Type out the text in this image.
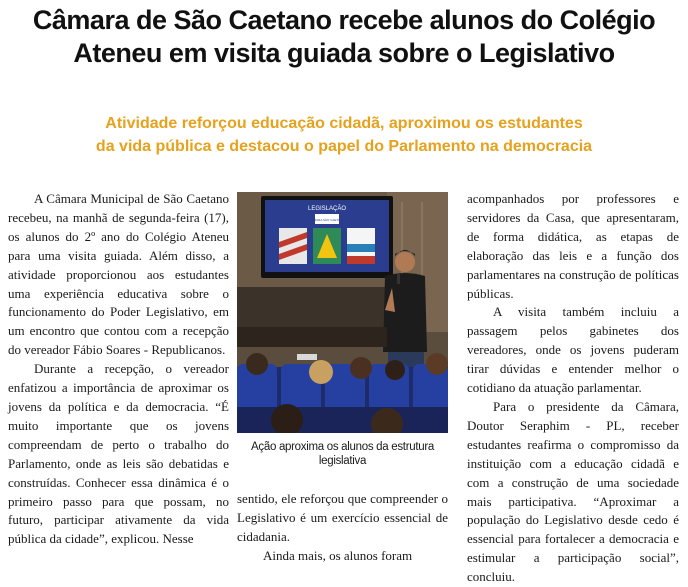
Câmara de São Caetano recebe alunos do Colégio
Ateneu em visita guiada sobre o Legislativo
Atividade reforçou educação cidadã, aproximou os estudantes
da vida pública e destacou o papel do Parlamento na democracia

A Câmara Municipal de São Caetano recebeu, na manhã de segunda-feira (17), os alunos do 2º ano do Colégio Ateneu para uma visita guiada. Além disso, a atividade proporcionou aos estudantes uma experiência educativa sobre o funcionamento do Poder Legislativo, em um encontro que contou com a recepção do vereador Fábio Soares - Republicanos.

Durante a recepção, o vereador enfatizou a importância de aproximar os jovens da política e da democracia. “É muito importante que os jovens compreendam de perto o trabalho do Parlamento, onde as leis são debatidas e construídas. Conhecer essa dinâmica é o primeiro passo para que possam, no futuro, participar ativamente da vida pública da cidade”, explicou. Nesse

LEGISLAÇÃO
CÂMARA SÃO CAETANO

Ação aproxima os alunos da estrutura legislativa

sentido, ele reforçou que compreender o Legislativo é um exercício essencial de cidadania.

Ainda mais, os alunos foram

acompanhados por professores e servidores da Casa, que apresentaram, de forma didática, as etapas de elaboração das leis e a função dos parlamentares na construção de políticas públicas.

A visita também incluiu a passagem pelos gabinetes dos vereadores, onde os jovens puderam tirar dúvidas e entender melhor o cotidiano da atuação parlamentar.

Para o presidente da Câmara, Doutor Seraphim - PL, receber estudantes reafirma o compromisso da instituição com a educação cidadã e com a construção de uma sociedade mais participativa. “Aproximar a população do Legislativo desde cedo é essencial para fortalecer a democracia e estimular a participação social”, concluiu.
